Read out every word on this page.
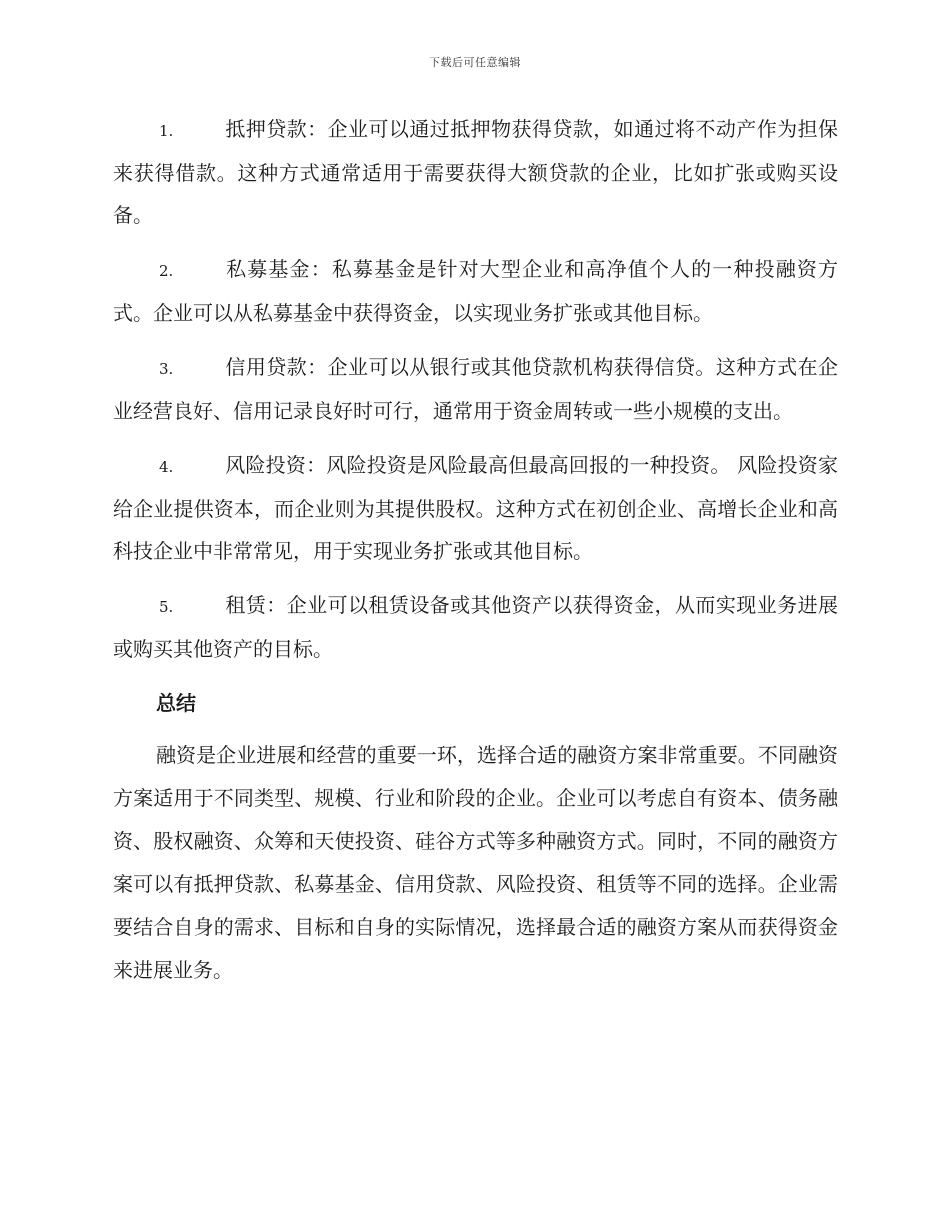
下载后可任意编辑

1.	抵押贷款：企业可以通过抵押物获得贷款，如通过将不动产作为担保来获得借款。这种方式通常适用于需要获得大额贷款的企业，比如扩张或购买设备。

2.	私募基金：私募基金是针对大型企业和高净值个人的一种投融资方式。企业可以从私募基金中获得资金，以实现业务扩张或其他目标。

3.	信用贷款：企业可以从银行或其他贷款机构获得信贷。这种方式在企业经营良好、信用记录良好时可行，通常用于资金周转或一些小规模的支出。

4.	风险投资：风险投资是风险最高但最高回报的一种投资。 风险投资家给企业提供资本，而企业则为其提供股权。这种方式在初创企业、高增长企业和高科技企业中非常常见，用于实现业务扩张或其他目标。

5.	租赁：企业可以租赁设备或其他资产以获得资金，从而实现业务进展或购买其他资产的目标。

总结

融资是企业进展和经营的重要一环，选择合适的融资方案非常重要。不同融资方案适用于不同类型、规模、行业和阶段的企业。企业可以考虑自有资本、债务融资、股权融资、众筹和天使投资、硅谷方式等多种融资方式。同时，不同的融资方案可以有抵押贷款、私募基金、信用贷款、风险投资、租赁等不同的选择。企业需要结合自身的需求、目标和自身的实际情况，选择最合适的融资方案从而获得资金来进展业务。
